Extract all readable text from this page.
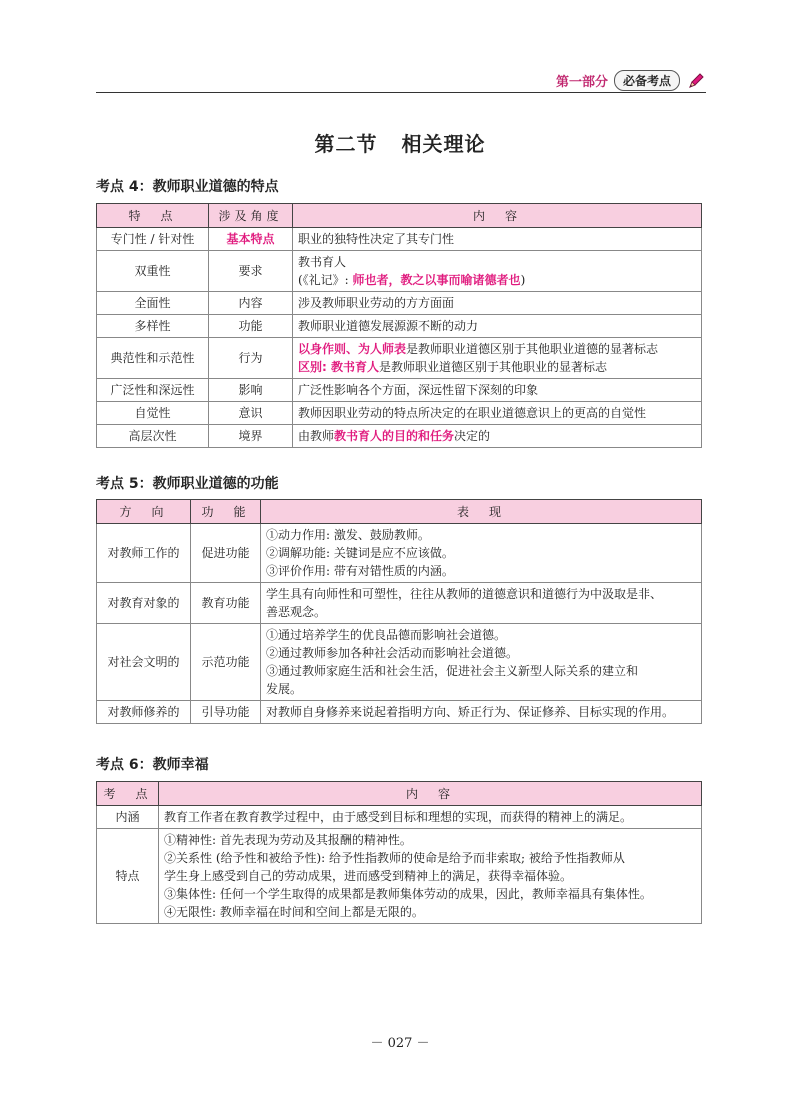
第一部分	必备考点
第二节 相关理论
考点 4：教师职业道德的特点
特　点	涉及角度	内　容
专门性 / 针对性	基本特点	职业的独特性决定了其专门性

双重性	要求	教书育人
(《礼记》: 师也者，教之以事而喻诸德者也)

全面性	内容	涉及教师职业劳动的方方面面

多样性	功能	教师职业道德发展源源不断的动力

典范性和示范性	行为	以身作则、为人师表是教师职业道德区别于其他职业道德的显著标志
区别: 教书育人是教师职业道德区别于其他职业的显著标志

广泛性和深远性	影响	广泛性影响各个方面，深远性留下深刻的印象

自觉性	意识	教师因职业劳动的特点所决定的在职业道德意识上的更高的自觉性

高层次性	境界	由教师教书育人的目的和任务决定的
考点 5：教师职业道德的功能
方　向	功　能	表　现
对教师工作的	促进功能	①动力作用: 激发、鼓励教师。
②调解功能: 关键词是应不应该做。
③评价作用: 带有对错性质的内涵。

对教育对象的	教育功能	学生具有向师性和可塑性，往往从教师的道德意识和道德行为中汲取是非、
善恶观念。

对社会文明的	示范功能	①通过培养学生的优良品德而影响社会道德。
②通过教师参加各种社会活动而影响社会道德。
③通过教师家庭生活和社会生活，促进社会主义新型人际关系的建立和
发展。

对教师修养的	引导功能	对教师自身修养来说起着指明方向、矫正行为、保证修养、目标实现的作用。
考点 6：教师幸福
考　点	内　容
内涵	教育工作者在教育教学过程中，由于感受到目标和理想的实现，而获得的精神上的满足。

特点	①精神性: 首先表现为劳动及其报酬的精神性。
②关系性 (给予性和被给予性): 给予性指教师的使命是给予而非索取; 被给予性指教师从
学生身上感受到自己的劳动成果，进而感受到精神上的满足，获得幸福体验。
③集体性: 任何一个学生取得的成果都是教师集体劳动的成果，因此，教师幸福具有集体性。
④无限性: 教师幸福在时间和空间上都是无限的。
－ 027 －
